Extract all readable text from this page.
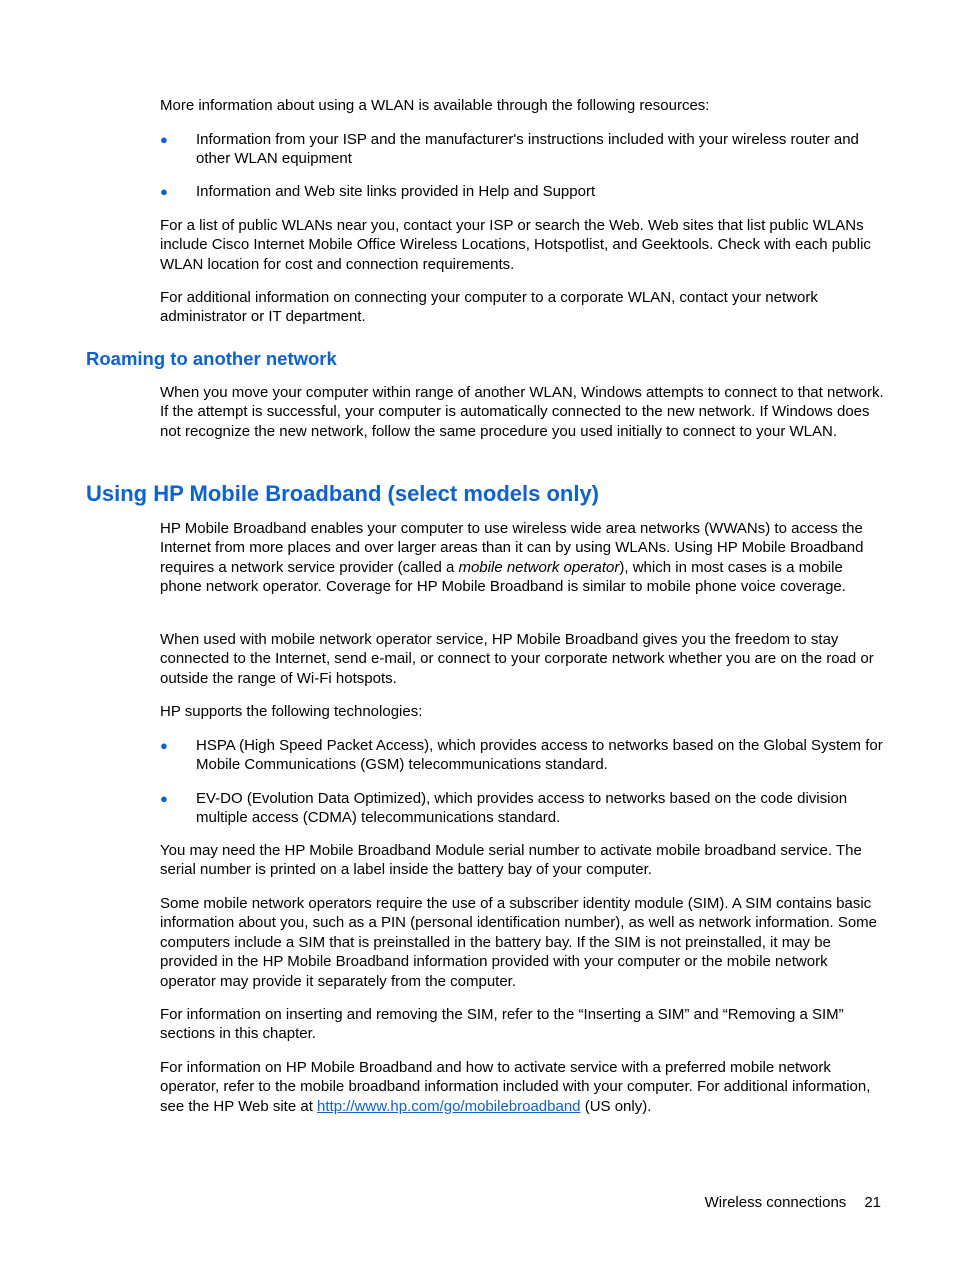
More information about using a WLAN is available through the following resources:

● Information from your ISP and the manufacturer's instructions included with your wireless router and other WLAN equipment
● Information and Web site links provided in Help and Support

For a list of public WLANs near you, contact your ISP or search the Web. Web sites that list public WLANs include Cisco Internet Mobile Office Wireless Locations, Hotspotlist, and Geektools. Check with each public WLAN location for cost and connection requirements.

For additional information on connecting your computer to a corporate WLAN, contact your network administrator or IT department.

Roaming to another network

When you move your computer within range of another WLAN, Windows attempts to connect to that network. If the attempt is successful, your computer is automatically connected to the new network. If Windows does not recognize the new network, follow the same procedure you used initially to connect to your WLAN.

Using HP Mobile Broadband (select models only)

HP Mobile Broadband enables your computer to use wireless wide area networks (WWANs) to access the Internet from more places and over larger areas than it can by using WLANs. Using HP Mobile Broadband requires a network service provider (called a mobile network operator), which in most cases is a mobile phone network operator. Coverage for HP Mobile Broadband is similar to mobile phone voice coverage.

When used with mobile network operator service, HP Mobile Broadband gives you the freedom to stay connected to the Internet, send e-mail, or connect to your corporate network whether you are on the road or outside the range of Wi-Fi hotspots.

HP supports the following technologies:

● HSPA (High Speed Packet Access), which provides access to networks based on the Global System for Mobile Communications (GSM) telecommunications standard.
● EV-DO (Evolution Data Optimized), which provides access to networks based on the code division multiple access (CDMA) telecommunications standard.

You may need the HP Mobile Broadband Module serial number to activate mobile broadband service. The serial number is printed on a label inside the battery bay of your computer.

Some mobile network operators require the use of a subscriber identity module (SIM). A SIM contains basic information about you, such as a PIN (personal identification number), as well as network information. Some computers include a SIM that is preinstalled in the battery bay. If the SIM is not preinstalled, it may be provided in the HP Mobile Broadband information provided with your computer or the mobile network operator may provide it separately from the computer.

For information on inserting and removing the SIM, refer to the “Inserting a SIM” and “Removing a SIM” sections in this chapter.

For information on HP Mobile Broadband and how to activate service with a preferred mobile network operator, refer to the mobile broadband information included with your computer. For additional information, see the HP Web site at http://www.hp.com/go/mobilebroadband (US only).

Wireless connections 21
